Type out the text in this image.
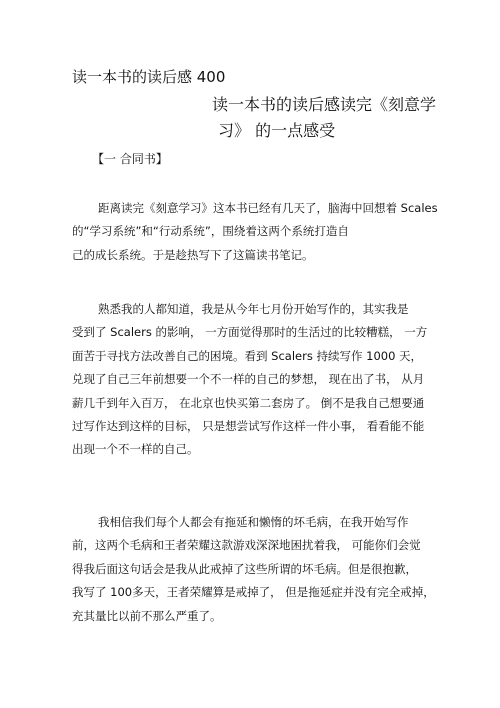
读一本书的读后感 400
读一本书的读后感读完《刻意学
习》 的一点感受
【一 合同书】
距离读完《刻意学习》这本书已经有几天了，脑海中回想着 Scales
的“学习系统”和“行动系统”，围绕着这两个系统打造自
己的成长系统。于是趁热写下了这篇读书笔记。
熟悉我的人都知道，我是从今年七月份开始写作的，其实我是
受到了 Scalers 的影响， 一方面觉得那时的生活过的比较糟糕， 一方
面苦于寻找方法改善自己的困境。看到 Scalers 持续写作 1000 天，
兑现了自己三年前想要一个不一样的自己的梦想， 现在出了书， 从月
薪几千到年入百万， 在北京也快买第二套房了。 倒不是我自己想要通
过写作达到这样的目标， 只是想尝试写作这样一件小事， 看看能不能
出现一个不一样的自己。
我相信我们每个人都会有拖延和懒惰的坏毛病，在我开始写作
前，这两个毛病和王者荣耀这款游戏深深地困扰着我， 可能你们会觉
得我后面这句话会是我从此戒掉了这些所谓的坏毛病。但是很抱歉，
我写了 100多天，王者荣耀算是戒掉了， 但是拖延症并没有完全戒掉，
充其量比以前不那么严重了。
